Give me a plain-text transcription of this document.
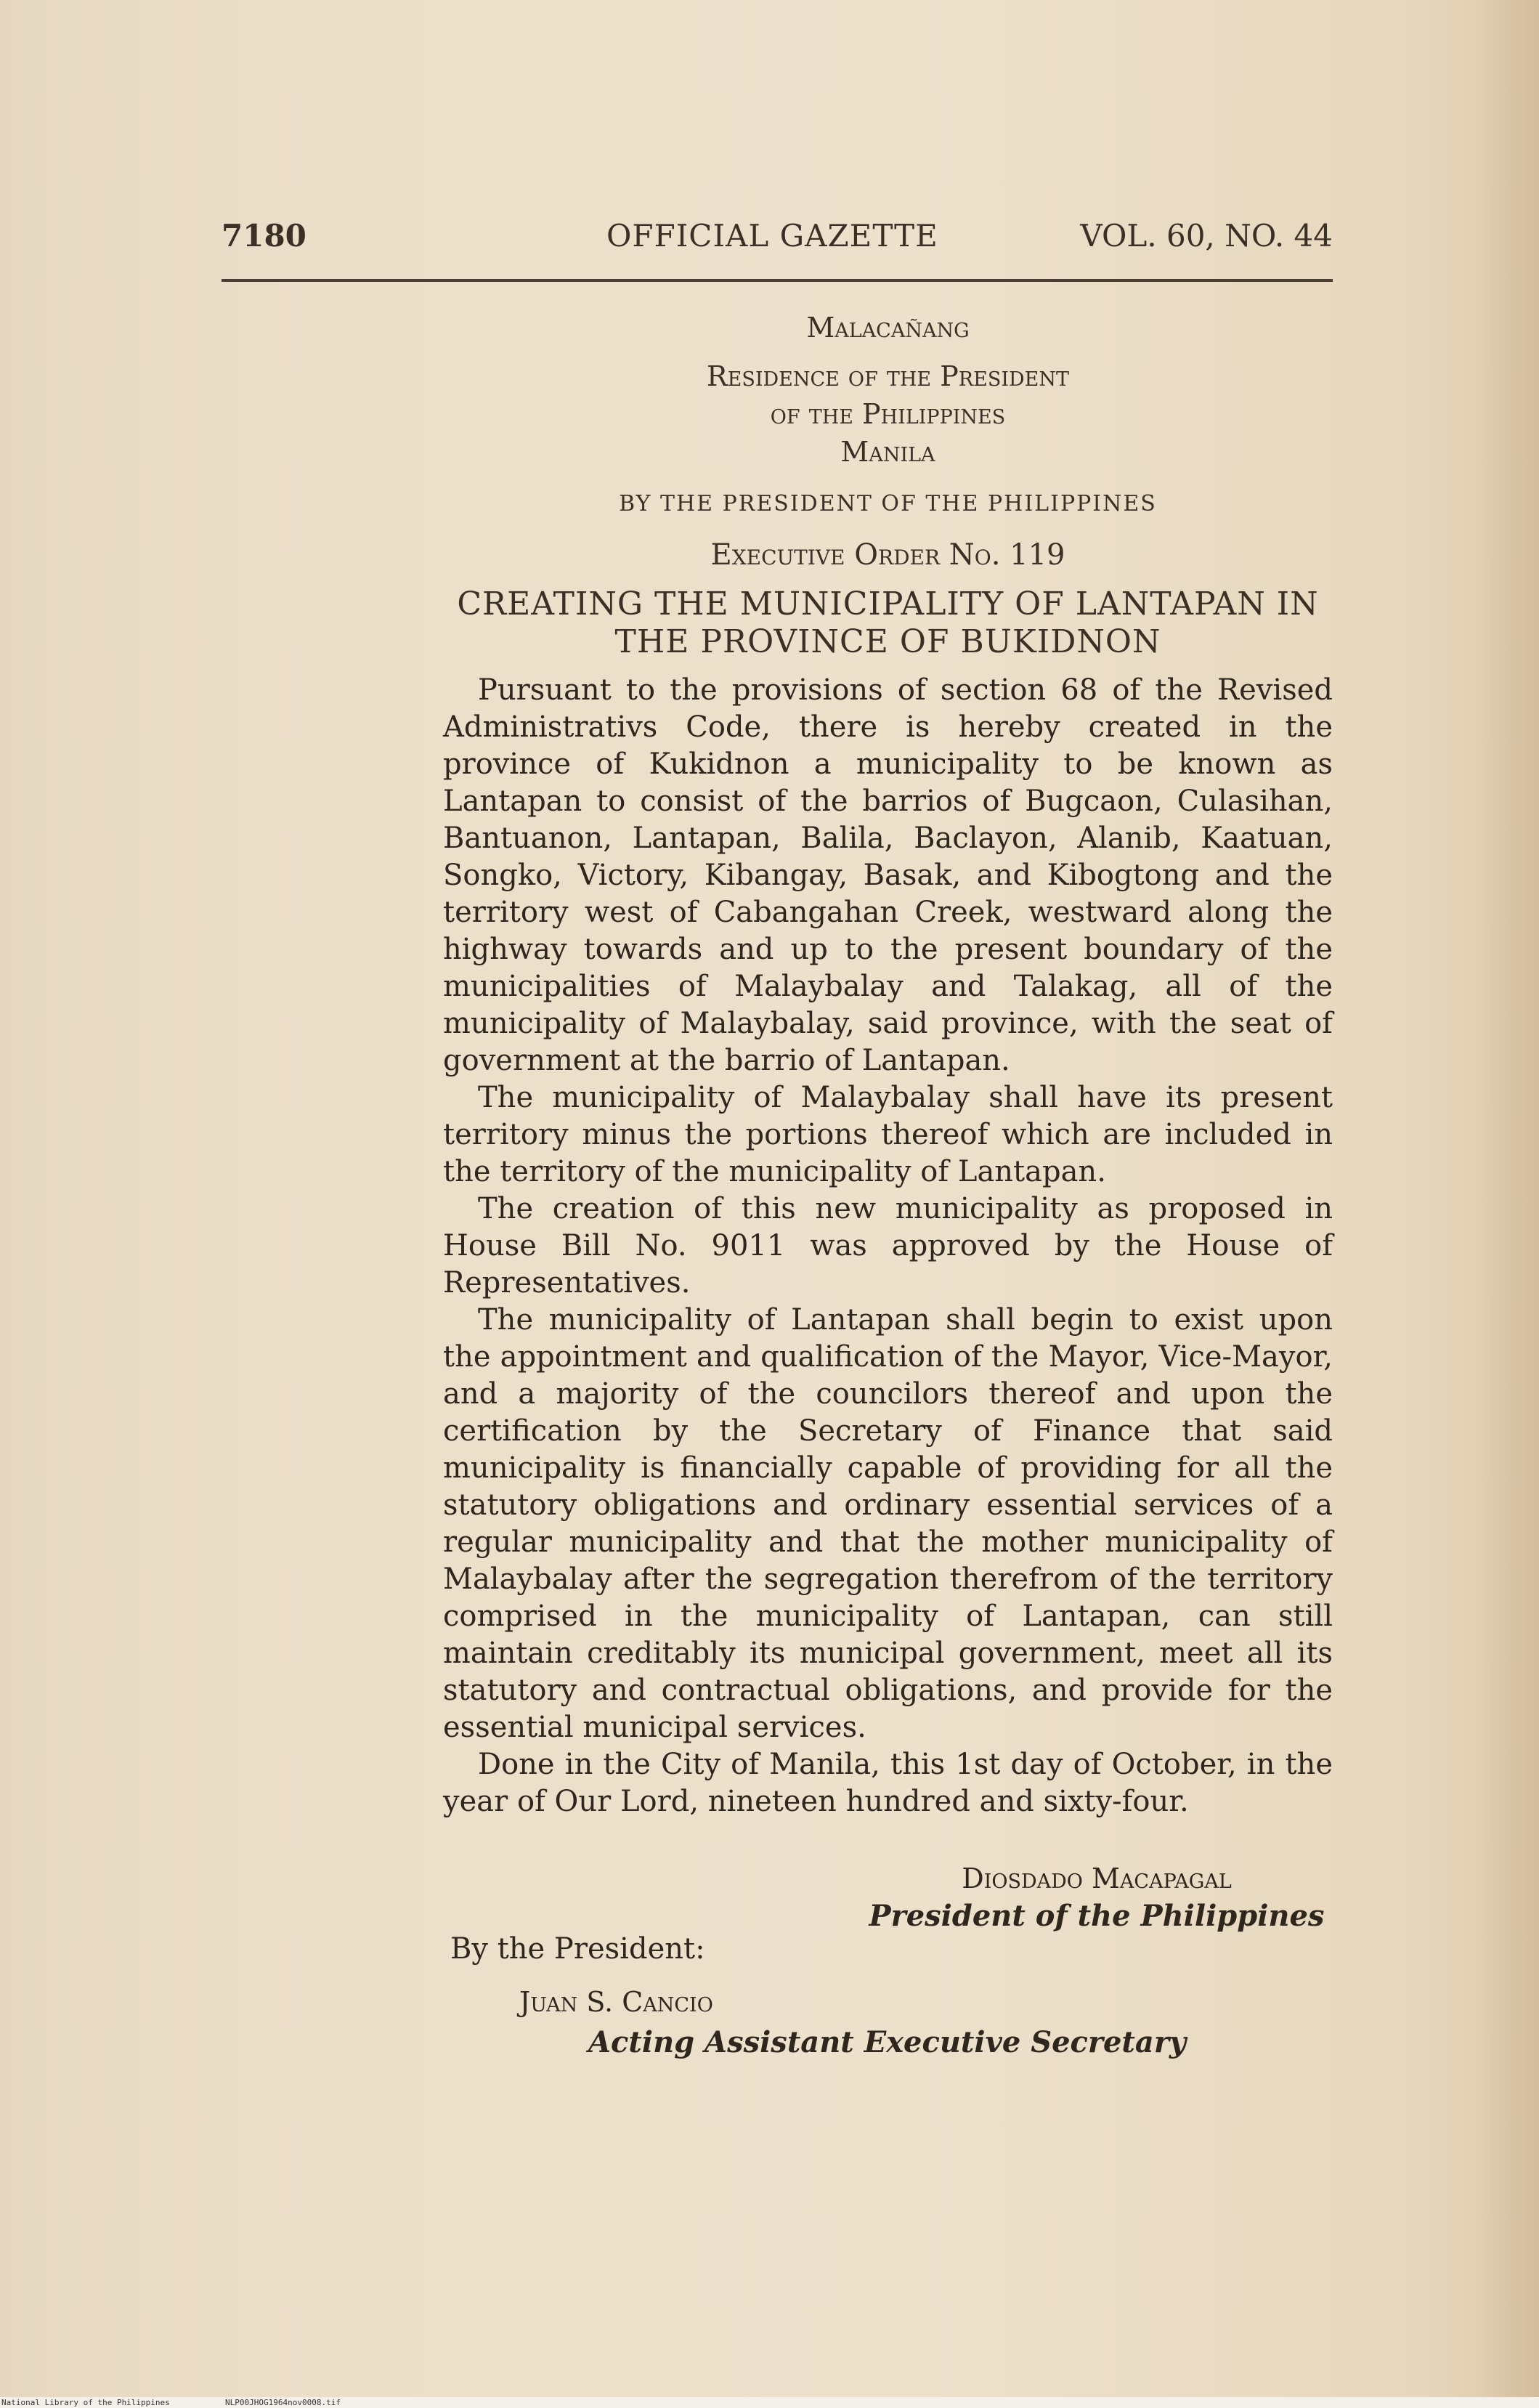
7180	OFFICIAL GAZETTE	VOL. 60, NO. 44
Malacañang
Residence of the President
of the Philippines
Manila
BY THE PRESIDENT OF THE PHILIPPINES
Executive Order No. 119
CREATING THE MUNICIPALITY OF LANTAPAN IN
THE PROVINCE OF BUKIDNON

Pursuant to the provisions of section 68 of the Revised Administrativs Code, there is hereby created in the province of Kukidnon a municipality to be known as Lantapan to consist of the barrios of Bugcaon, Culasihan, Bantuanon, Lantapan, Balila, Baclayon, Alanib, Kaatuan, Songko, Victory, Kibangay, Basak, and Kibogtong and the territory west of Cabangahan Creek, westward along the highway towards and up to the present boundary of the municipalities of Malaybalay and Talakag, all of the municipality of Malaybalay, said province, with the seat of government at the barrio of Lantapan.

The municipality of Malaybalay shall have its present territory minus the portions thereof which are included in the territory of the municipality of Lantapan.

The creation of this new municipality as proposed in House Bill No. 9011 was approved by the House of Representatives.

The municipality of Lantapan shall begin to exist upon the appointment and qualification of the Mayor, Vice-Mayor, and a majority of the councilors thereof and upon the certification by the Secretary of Finance that said municipality is financially capable of providing for all the statutory obligations and ordinary essential services of a regular municipality and that the mother municipality of Malaybalay after the segregation therefrom of the territory comprised in the municipality of Lantapan, can still maintain creditably its municipal government, meet all its statutory and contractual obligations, and provide for the essential municipal services.

Done in the City of Manila, this 1st day of October, in the year of Our Lord, nineteen hundred and sixty-four.

Diosdado Macapagal
President of the Philippines
By the President:
Juan S. Cancio
Acting Assistant Executive Secretary
National Library of the Philippines	NLP00JHOG1964nov0008.tif
